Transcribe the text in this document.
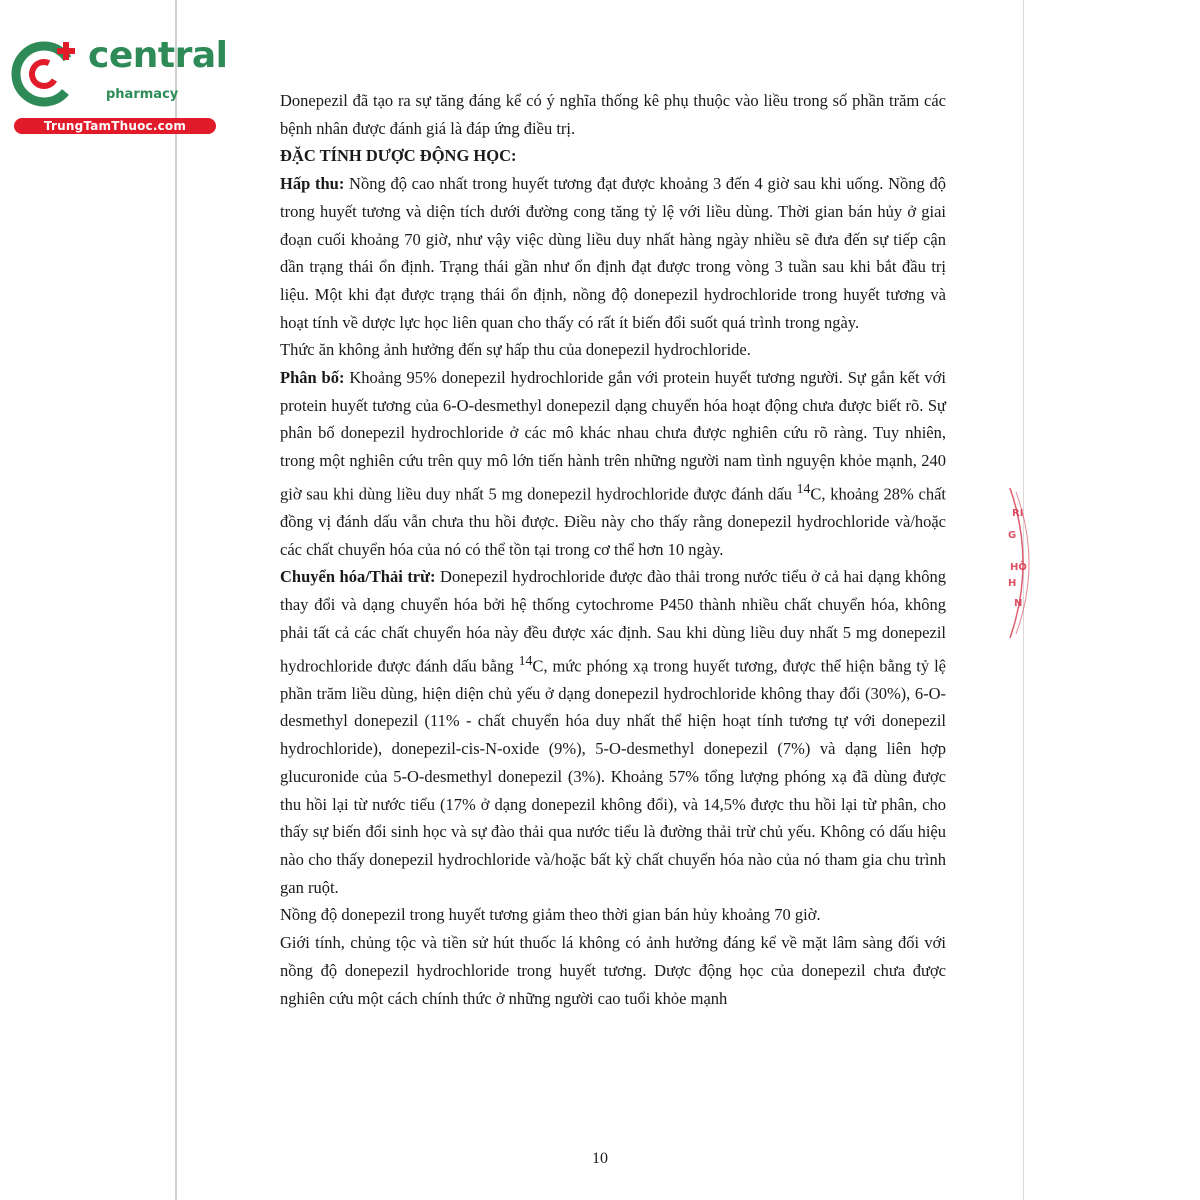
central
pharmacy
TrungTamThuoc.com

Donepezil đã tạo ra sự tăng đáng kể có ý nghĩa thống kê phụ thuộc vào liều trong số phần trăm các bệnh nhân được đánh giá là đáp ứng điều trị.

ĐẶC TÍNH DƯỢC ĐỘNG HỌC:

Hấp thu: Nồng độ cao nhất trong huyết tương đạt được khoảng 3 đến 4 giờ sau khi uống. Nồng độ trong huyết tương và diện tích dưới đường cong tăng tỷ lệ với liều dùng. Thời gian bán hủy ở giai đoạn cuối khoảng 70 giờ, như vậy việc dùng liều duy nhất hàng ngày nhiều sẽ đưa đến sự tiếp cận dần trạng thái ổn định. Trạng thái gần như ổn định đạt được trong vòng 3 tuần sau khi bắt đầu trị liệu. Một khi đạt được trạng thái ổn định, nồng độ donepezil hydrochloride trong huyết tương và hoạt tính về dược lực học liên quan cho thấy có rất ít biến đổi suốt quá trình trong ngày.

Thức ăn không ảnh hưởng đến sự hấp thu của donepezil hydrochloride.

Phân bố: Khoảng 95% donepezil hydrochloride gắn với protein huyết tương người. Sự gắn kết với protein huyết tương của 6-O-desmethyl donepezil dạng chuyển hóa hoạt động chưa được biết rõ. Sự phân bố donepezil hydrochloride ở các mô khác nhau chưa được nghiên cứu rõ ràng. Tuy nhiên, trong một nghiên cứu trên quy mô lớn tiến hành trên những người nam tình nguyện khỏe mạnh, 240 giờ sau khi dùng liều duy nhất 5 mg donepezil hydrochloride được đánh dấu $^{14}$C, khoảng 28% chất đồng vị đánh dấu vẫn chưa thu hồi được. Điều này cho thấy rằng donepezil hydrochloride và/hoặc các chất chuyển hóa của nó có thể tồn tại trong cơ thể hơn 10 ngày.

Chuyển hóa/Thải trừ: Donepezil hydrochloride được đào thải trong nước tiểu ở cả hai dạng không thay đổi và dạng chuyển hóa bởi hệ thống cytochrome P450 thành nhiều chất chuyển hóa, không phải tất cả các chất chuyển hóa này đều được xác định. Sau khi dùng liều duy nhất 5 mg donepezil hydrochloride được đánh dấu bằng $^{14}$C, mức phóng xạ trong huyết tương, được thể hiện bằng tỷ lệ phần trăm liều dùng, hiện diện chủ yếu ở dạng donepezil hydrochloride không thay đổi (30%), 6-O-desmethyl donepezil (11% - chất chuyển hóa duy nhất thể hiện hoạt tính tương tự với donepezil hydrochloride), donepezil-cis-N-oxide (9%), 5-O-desmethyl donepezil (7%) và dạng liên hợp glucuronide của 5-O-desmethyl donepezil (3%). Khoảng 57% tổng lượng phóng xạ đã dùng được thu hồi lại từ nước tiểu (17% ở dạng donepezil không đổi), và 14,5% được thu hồi lại từ phân, cho thấy sự biến đổi sinh học và sự đào thải qua nước tiểu là đường thải trừ chủ yếu. Không có dấu hiệu nào cho thấy donepezil hydrochloride và/hoặc bất kỳ chất chuyển hóa nào của nó tham gia chu trình gan ruột.

Nồng độ donepezil trong huyết tương giảm theo thời gian bán hủy khoảng 70 giờ.

Giới tính, chủng tộc và tiền sử hút thuốc lá không có ảnh hưởng đáng kể về mặt lâm sàng đối với nồng độ donepezil hydrochloride trong huyết tương. Dược động học của donepezil chưa được nghiên cứu một cách chính thức ở những người cao tuổi khỏe mạnh

10
RI
G
HÔ
H
N
